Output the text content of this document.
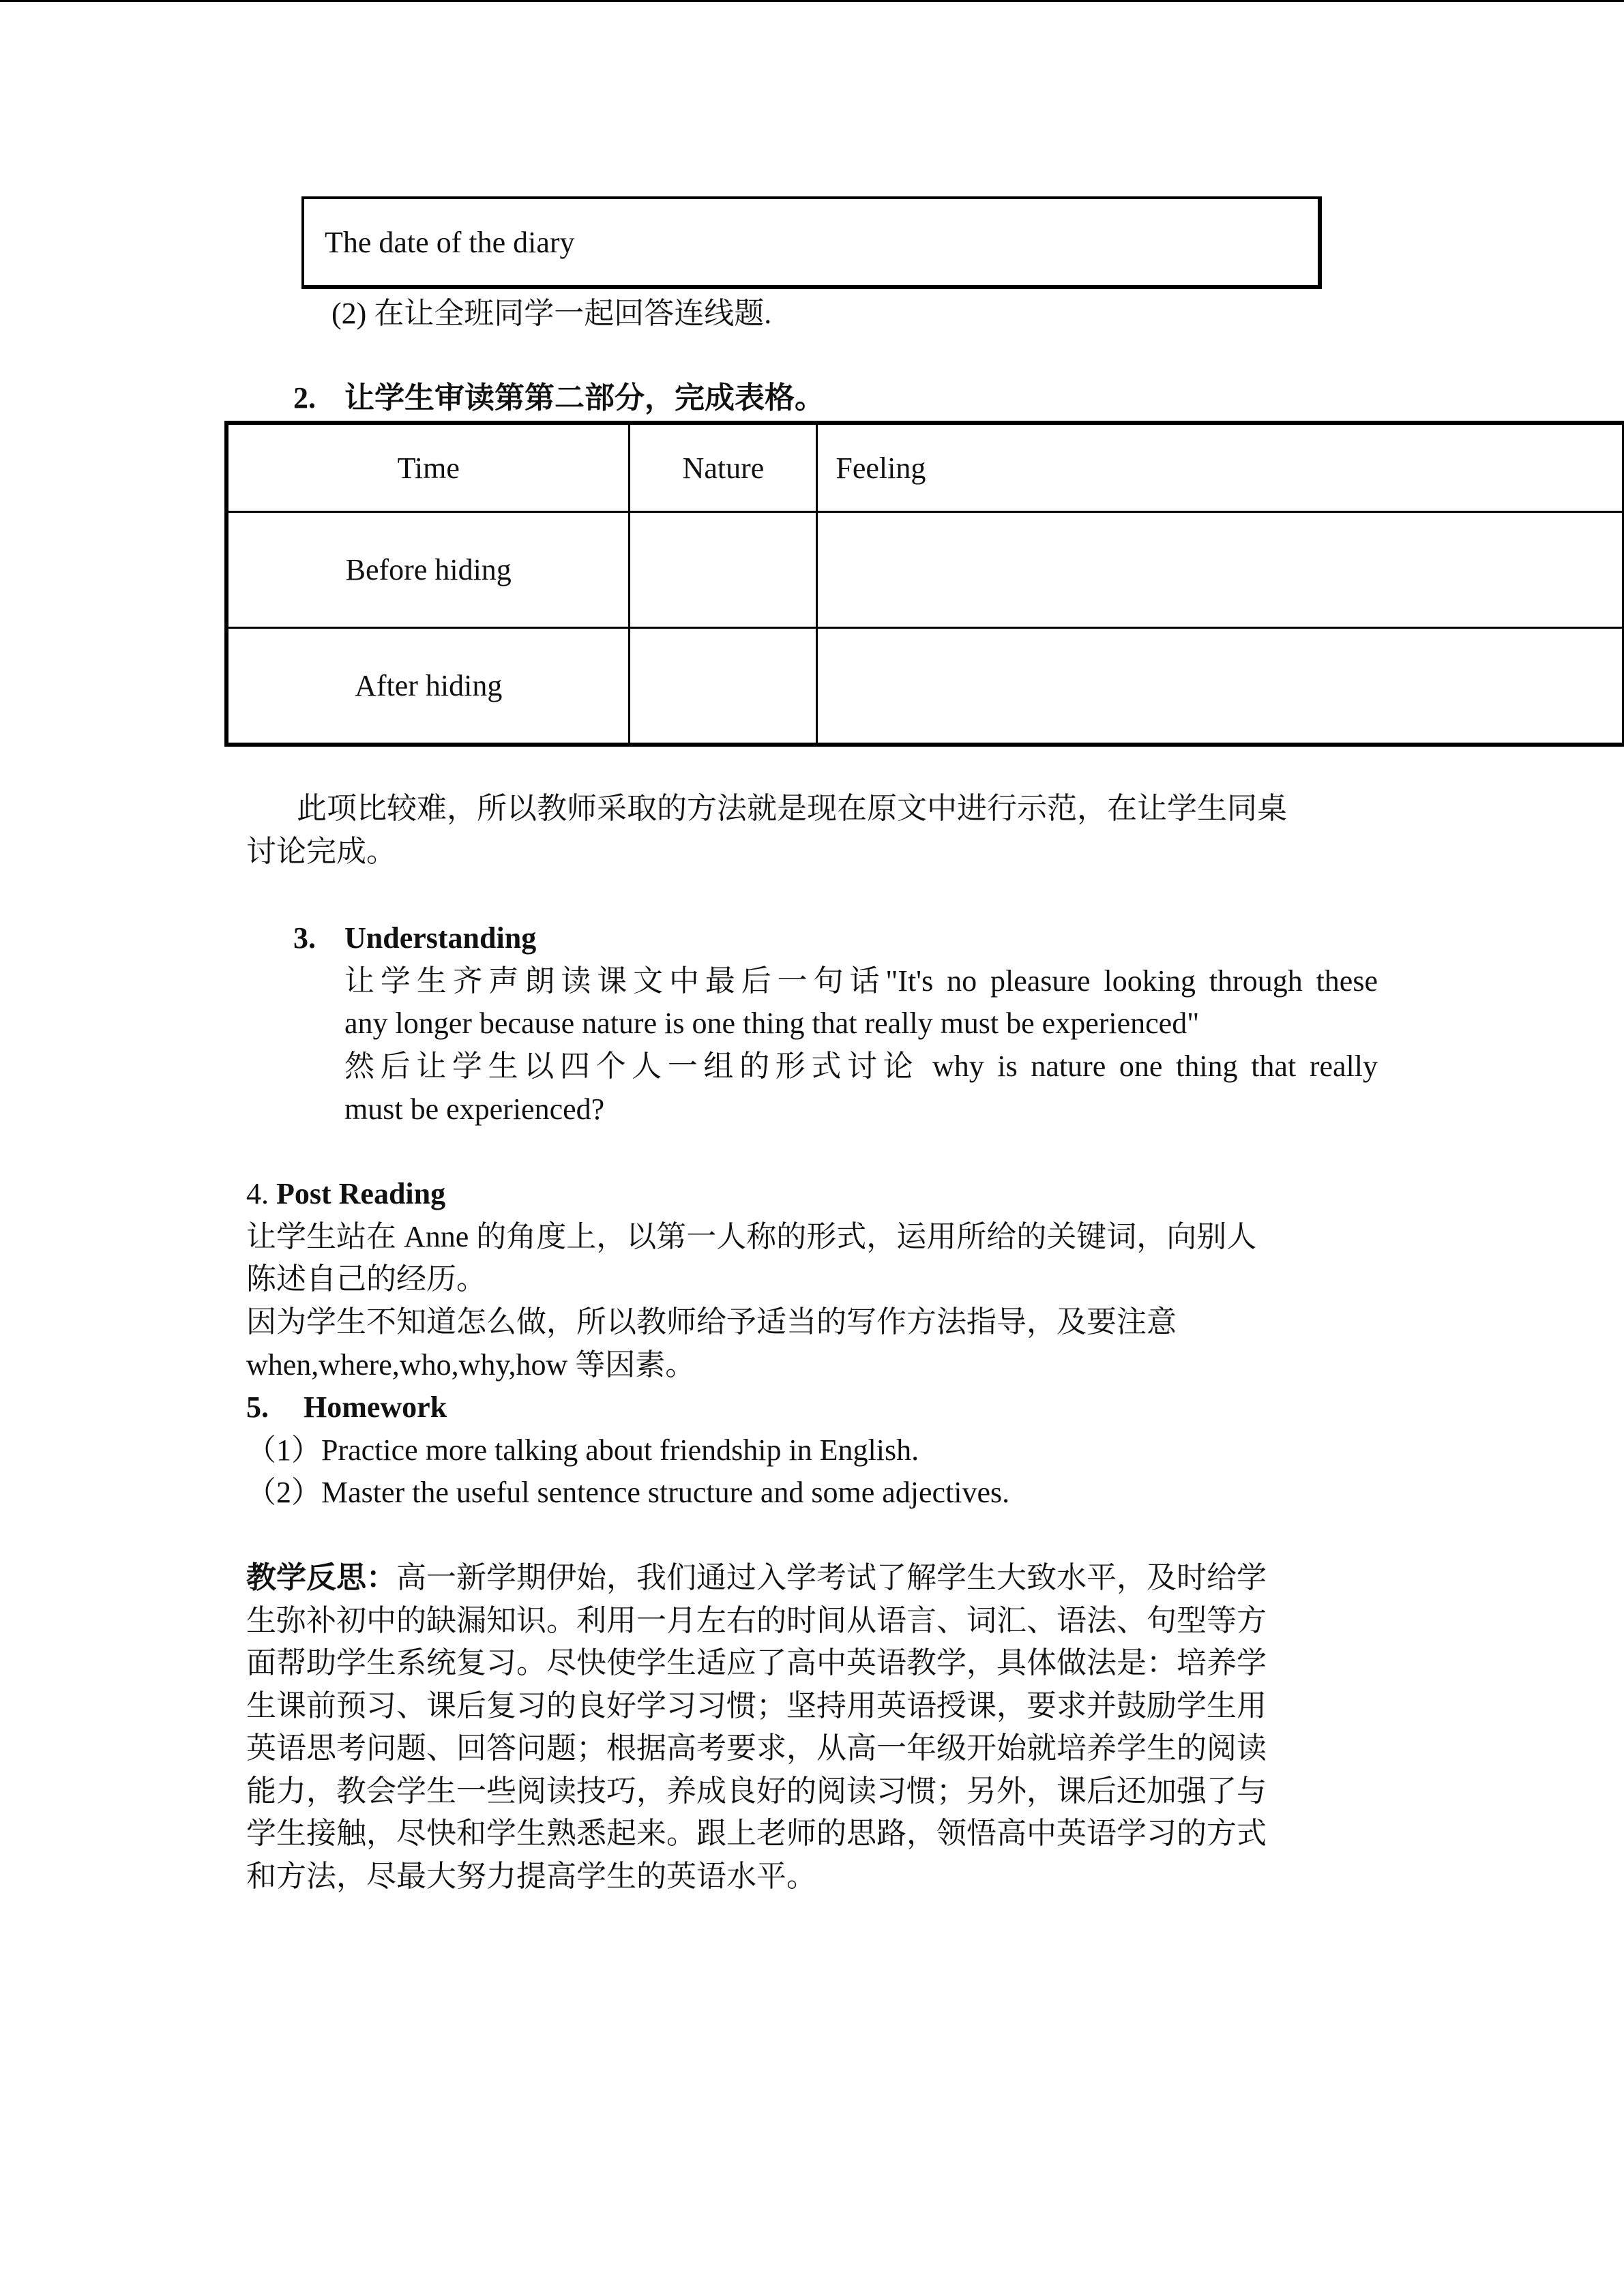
The date of the diary
(2) 在让全班同学一起回答连线题.
2. 让学生审读第第二部分，完成表格。
Time	Nature	Feeling
Before hiding		
After hiding		
此项比较难，所以教师采取的方法就是现在原文中进行示范，在让学生同桌
讨论完成。
3. Understanding
让学生齐声朗读课文中最后一句话"It's no pleasure looking through these
any longer because nature is one thing that really must be experienced"
然后让学生以四个人一组的形式讨论 why is nature one thing that really
must be experienced?
4. Post Reading
让学生站在 Anne 的角度上，以第一人称的形式，运用所给的关键词，向别人
陈述自己的经历。
因为学生不知道怎么做，所以教师给予适当的写作方法指导，及要注意
when,where,who,why,how 等因素。
5. Homework
（1）Practice more talking about friendship in English.
（2）Master the useful sentence structure and some adjectives.
教学反思：高一新学期伊始，我们通过入学考试了解学生大致水平，及时给学
生弥补初中的缺漏知识。利用一月左右的时间从语言、词汇、语法、句型等方
面帮助学生系统复习。尽快使学生适应了高中英语教学，具体做法是：培养学
生课前预习、课后复习的良好学习习惯；坚持用英语授课，要求并鼓励学生用
英语思考问题、回答问题；根据高考要求，从高一年级开始就培养学生的阅读
能力，教会学生一些阅读技巧，养成良好的阅读习惯；另外，课后还加强了与
学生接触，尽快和学生熟悉起来。跟上老师的思路，领悟高中英语学习的方式
和方法，尽最大努力提高学生的英语水平。
